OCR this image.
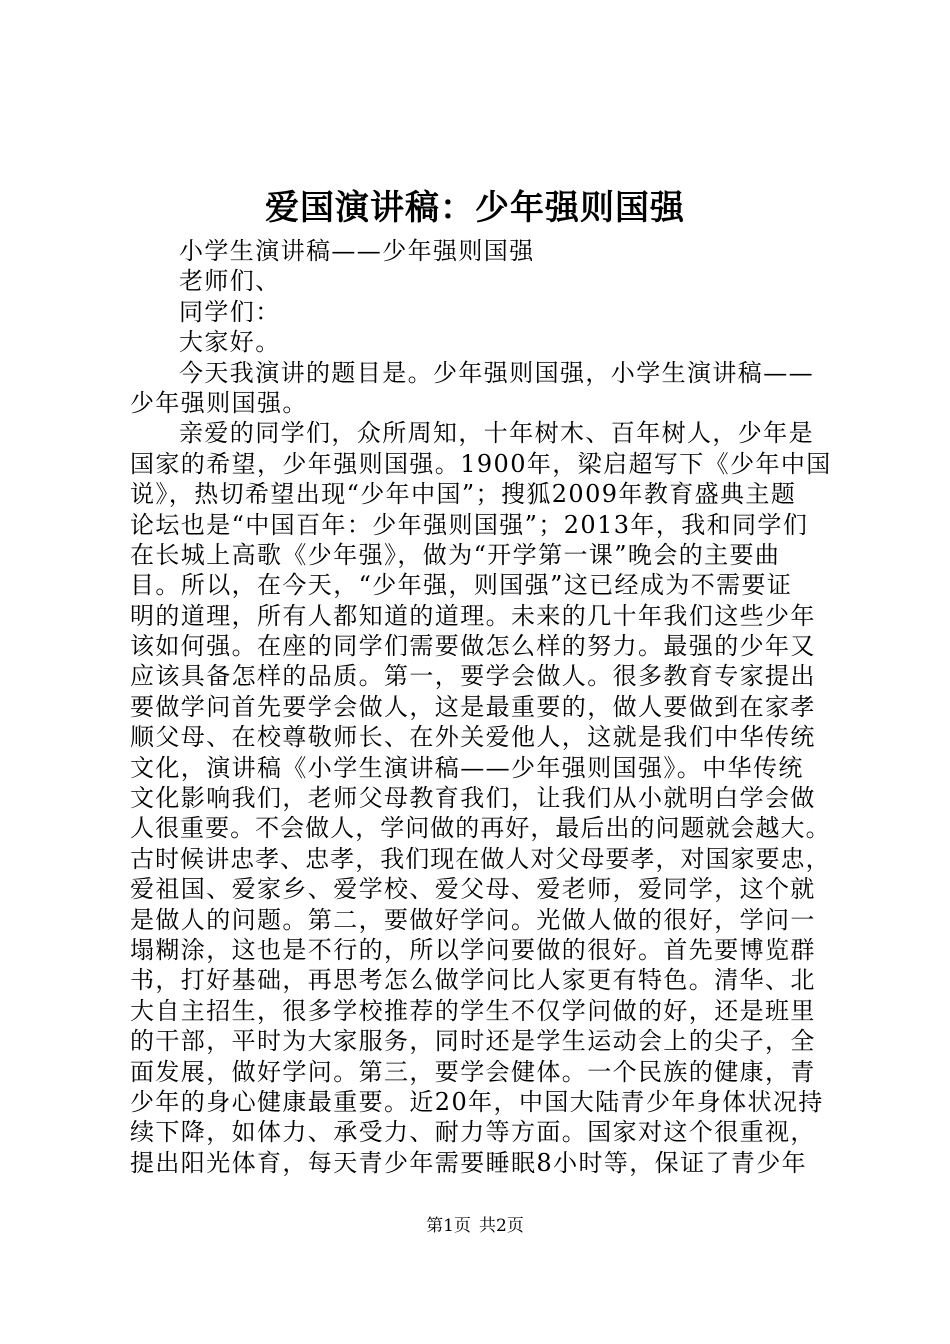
爱国演讲稿：少年强则国强
小学生演讲稿——少年强则国强
老师们、
同学们：
大家好。
今天我演讲的题目是。少年强则国强，小学生演讲稿——
少年强则国强。
亲爱的同学们，众所周知，十年树木、百年树人，少年是
国家的希望，少年强则国强。1900年，梁启超写下《少年中国
说》，热切希望出现“少年中国”；搜狐2009年教育盛典主题
论坛也是“中国百年：少年强则国强”；2013年，我和同学们
在长城上高歌《少年强》，做为“开学第一课”晚会的主要曲
目。所以，在今天，“少年强，则国强”这已经成为不需要证
明的道理，所有人都知道的道理。未来的几十年我们这些少年
该如何强。在座的同学们需要做怎么样的努力。最强的少年又
应该具备怎样的品质。第一，要学会做人。很多教育专家提出
要做学问首先要学会做人，这是最重要的，做人要做到在家孝
顺父母、在校尊敬师长、在外关爱他人，这就是我们中华传统
文化，演讲稿《小学生演讲稿——少年强则国强》。中华传统
文化影响我们，老师父母教育我们，让我们从小就明白学会做
人很重要。不会做人，学问做的再好，最后出的问题就会越大。
古时候讲忠孝、忠孝，我们现在做人对父母要孝，对国家要忠，
爱祖国、爱家乡、爱学校、爱父母、爱老师，爱同学，这个就
是做人的问题。第二，要做好学问。光做人做的很好，学问一
塌糊涂，这也是不行的，所以学问要做的很好。首先要博览群
书，打好基础，再思考怎么做学问比人家更有特色。清华、北
大自主招生，很多学校推荐的学生不仅学问做的好，还是班里
的干部，平时为大家服务，同时还是学生运动会上的尖子，全
面发展，做好学问。第三，要学会健体。一个民族的健康，青
少年的身心健康最重要。近20年，中国大陆青少年身体状况持
续下降，如体力、承受力、耐力等方面。国家对这个很重视，
提出阳光体育，每天青少年需要睡眠8小时等，保证了青少年
第1页 共2页
